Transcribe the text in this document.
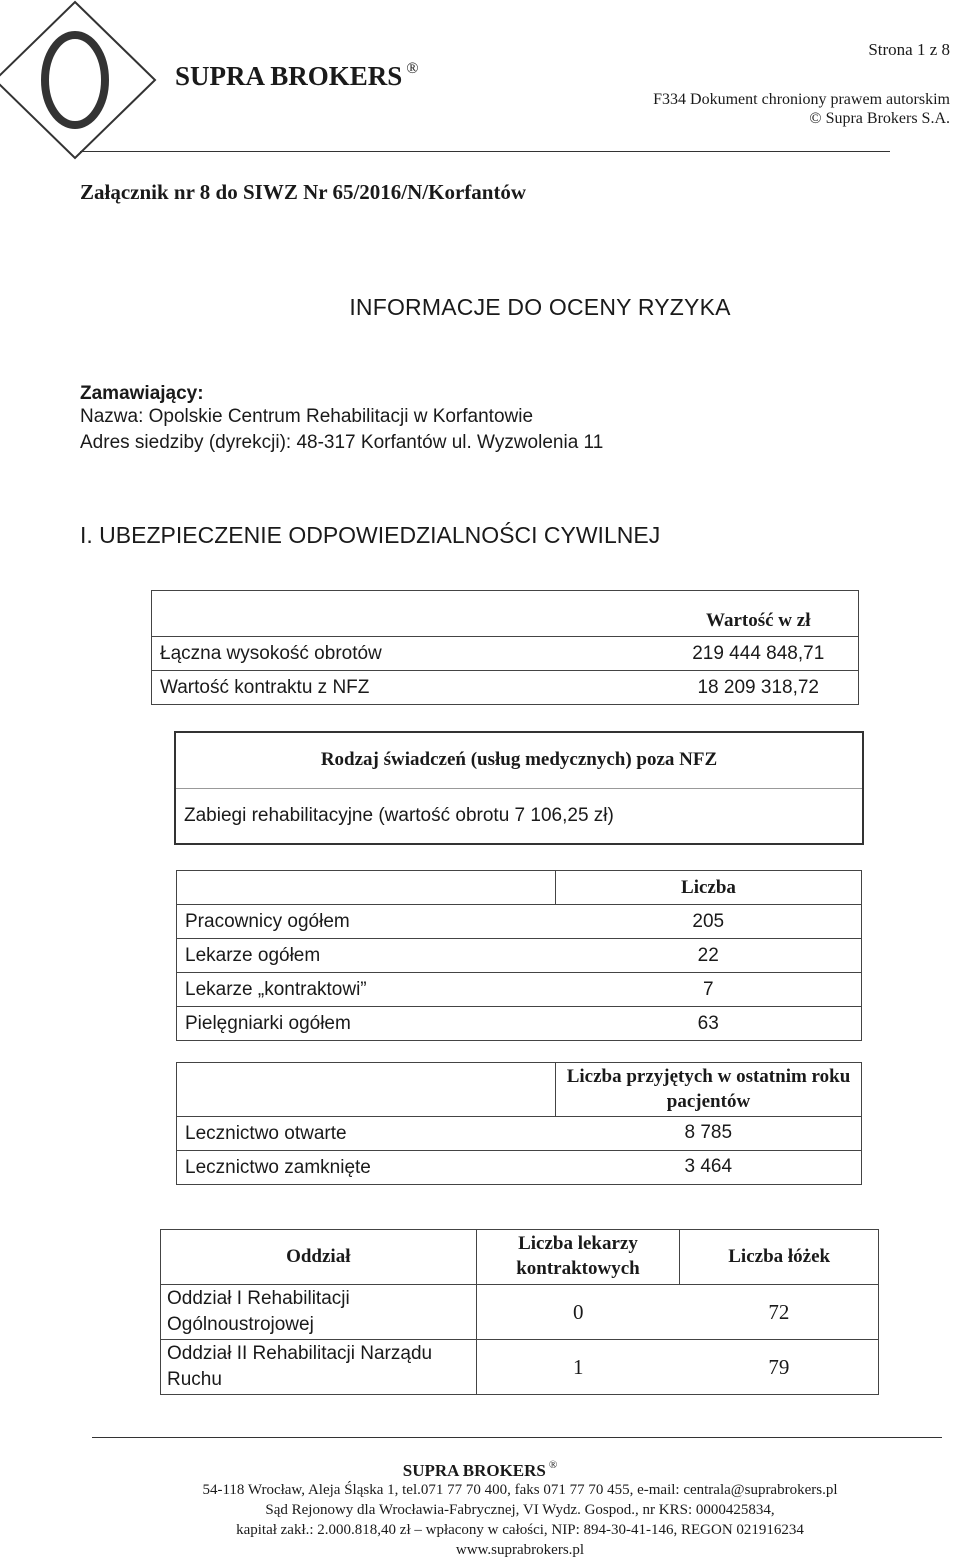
SUPRA BROKERS ®
Strona 1 z 8
F334 Dokument chroniony prawem autorskim
© Supra Brokers S.A.
Załącznik nr 8 do SIWZ Nr 65/2016/N/Korfantów
INFORMACJE DO OCENY RYZYKA
Zamawiający:
Nazwa: Opolskie Centrum Rehabilitacji w Korfantowie
Adres siedziby (dyrekcji): 48-317 Korfantów ul. Wyzwolenia 11
I. UBEZPIECZENIE ODPOWIEDZIALNOŚCI CYWILNEJ
	Wartość w zł
Łączna wysokość obrotów	219 444 848,71
Wartość kontraktu z NFZ	18 209 318,72
Rodzaj świadczeń (usług medycznych) poza NFZ
Zabiegi rehabilitacyjne (wartość obrotu 7 106,25 zł)
	Liczba
Pracownicy ogółem	205
Lekarze ogółem	22
Lekarze „kontraktowi”	7
Pielęgniarki ogółem	63
	Liczba przyjętych w ostatnim roku pacjentów
Lecznictwo otwarte	8 785
Lecznictwo zamknięte	3 464
Oddział	Liczba lekarzy kontraktowych	Liczba łóżek
Oddział I Rehabilitacji Ogólnoustrojowej	0	72
Oddział II Rehabilitacji Narządu Ruchu	1	79
SUPRA BROKERS ®
54-118 Wrocław, Aleja Śląska 1, tel.071 77 70 400, faks 071 77 70 455, e-mail: centrala@suprabrokers.pl
Sąd Rejonowy dla Wrocławia-Fabrycznej, VI Wydz. Gospod., nr KRS: 0000425834,
kapitał zakł.: 2.000.818,40 zł – wpłacony w całości, NIP: 894-30-41-146, REGON 021916234
www.suprabrokers.pl
